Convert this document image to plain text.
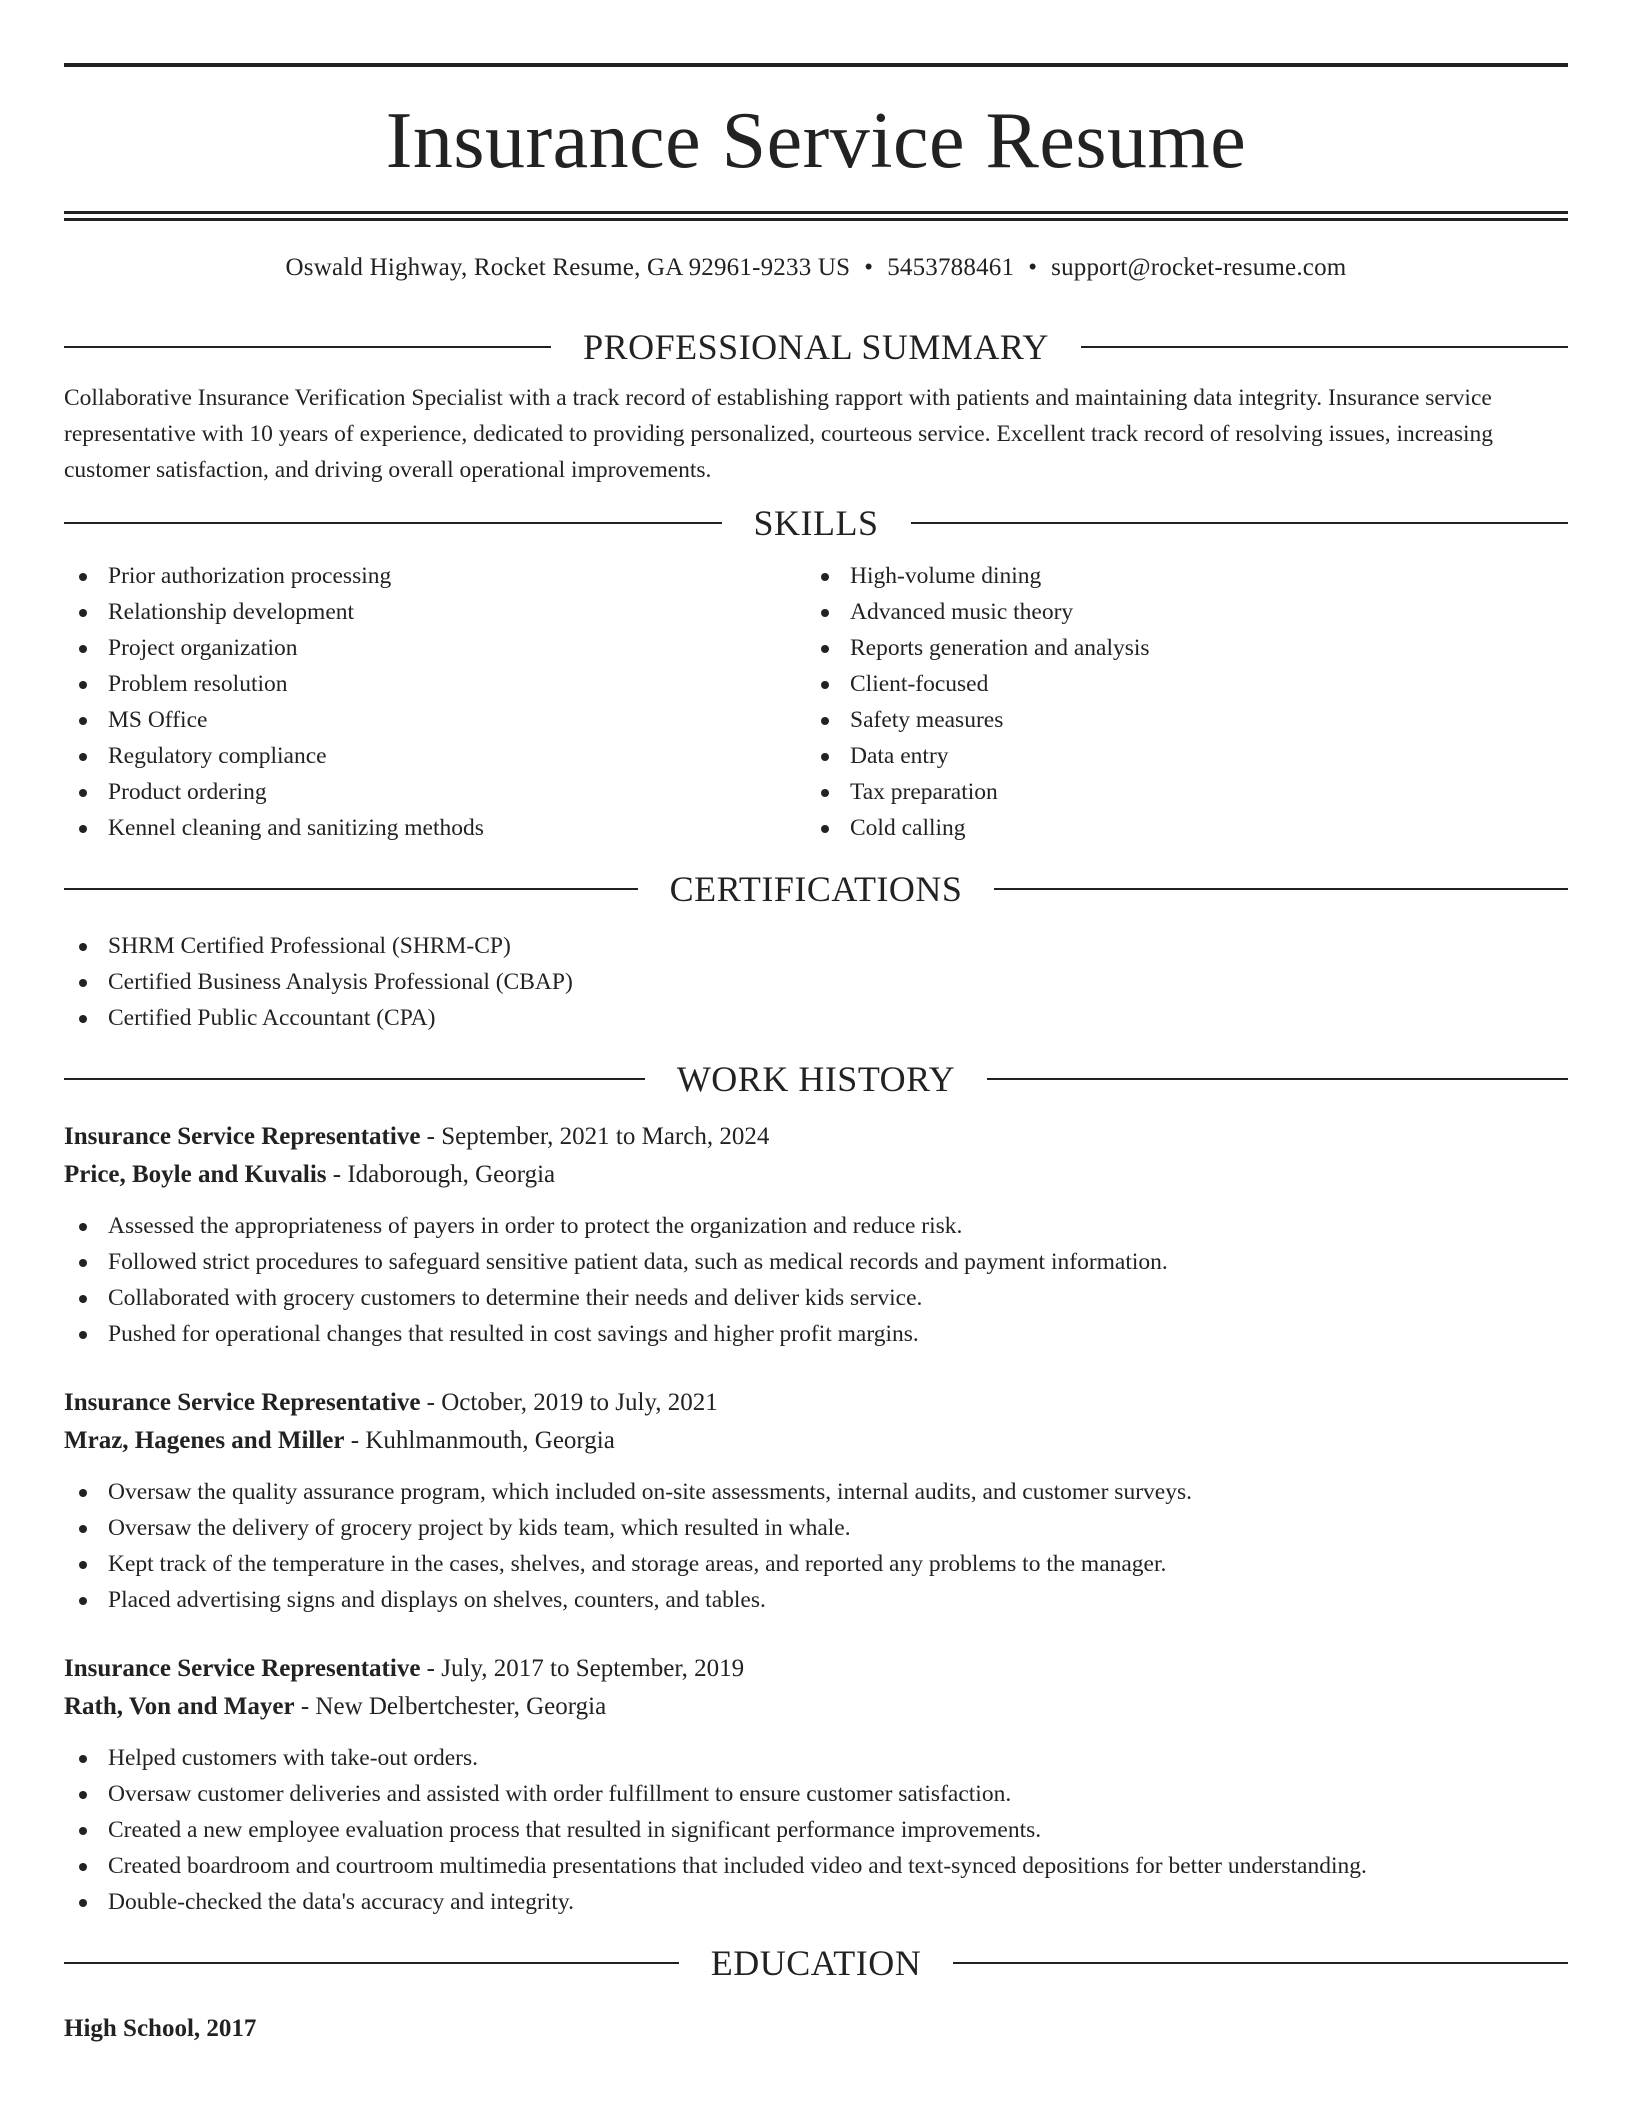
Insurance Service Resume
Oswald Highway, Rocket Resume, GA 92961-9233 US • 5453788461 • support@rocket-resume.com
PROFESSIONAL SUMMARY

Collaborative Insurance Verification Specialist with a track record of establishing rapport with patients and maintaining data integrity. Insurance service representative with 10 years of experience, dedicated to providing personalized, courteous service. Excellent track record of resolving issues, increasing customer satisfaction, and driving overall operational improvements.

SKILLS
Prior authorization processing
Relationship development
Project organization
Problem resolution
MS Office
Regulatory compliance
Product ordering
Kennel cleaning and sanitizing methods
High-volume dining
Advanced music theory
Reports generation and analysis
Client-focused
Safety measures
Data entry
Tax preparation
Cold calling
CERTIFICATIONS
SHRM Certified Professional (SHRM-CP)
Certified Business Analysis Professional (CBAP)
Certified Public Accountant (CPA)
WORK HISTORY
Insurance Service Representative - September, 2021 to March, 2024
Price, Boyle and Kuvalis - Idaborough, Georgia
Assessed the appropriateness of payers in order to protect the organization and reduce risk.
Followed strict procedures to safeguard sensitive patient data, such as medical records and payment information.
Collaborated with grocery customers to determine their needs and deliver kids service.
Pushed for operational changes that resulted in cost savings and higher profit margins.
Insurance Service Representative - October, 2019 to July, 2021
Mraz, Hagenes and Miller - Kuhlmanmouth, Georgia
Oversaw the quality assurance program, which included on-site assessments, internal audits, and customer surveys.
Oversaw the delivery of grocery project by kids team, which resulted in whale.
Kept track of the temperature in the cases, shelves, and storage areas, and reported any problems to the manager.
Placed advertising signs and displays on shelves, counters, and tables.
Insurance Service Representative - July, 2017 to September, 2019
Rath, Von and Mayer - New Delbertchester, Georgia
Helped customers with take-out orders.
Oversaw customer deliveries and assisted with order fulfillment to ensure customer satisfaction.
Created a new employee evaluation process that resulted in significant performance improvements.
Created boardroom and courtroom multimedia presentations that included video and text-synced depositions for better understanding.
Double-checked the data's accuracy and integrity.
EDUCATION
High School, 2017
